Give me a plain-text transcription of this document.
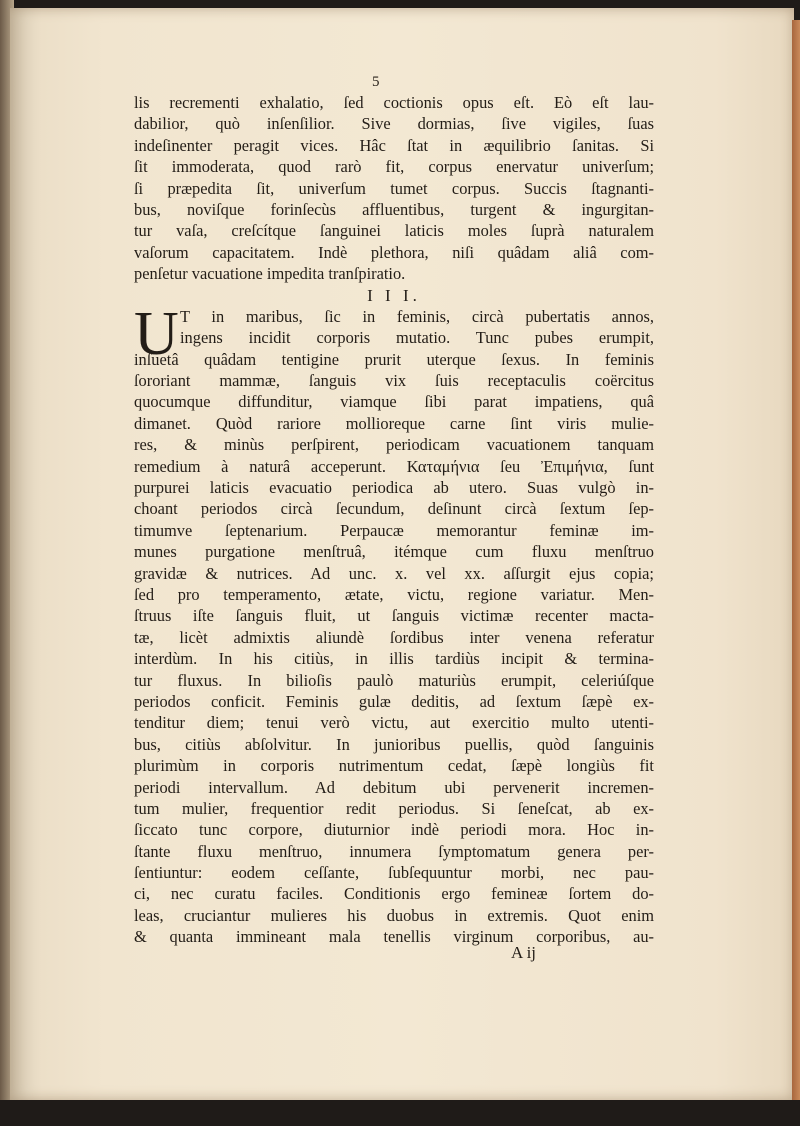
5
lis recrementi exhalatio, ſed coctionis opus eſt. Eò eſt lau-
dabilior, quò inſenſilior. Sive dormias, ſive vigiles, ſuas
indeſinenter peragit vices. Hâc ſtat in æquilibrio ſanitas. Si
ſit immoderata, quod rarò fit, corpus enervatur univerſum;
ſi præpedita ſit, univerſum tumet corpus. Succis ſtagnanti-
bus, noviſque forinſecùs affluentibus, turgent & ingurgitan-
tur vaſa, creſcítque ſanguinei laticis moles ſuprà naturalem
vaſorum capacitatem. Indè plethora, niſi quâdam aliâ com-
penſetur vacuatione impedita tranſpiratio.
I I I.
U T in maribus, ſic in feminis, circà pubertatis annos,
ingens incidit corporis mutatio. Tunc pubes erumpit,
inſuetâ quâdam tentigine prurit uterque ſexus. In feminis
ſororiant mammæ, ſanguis vix ſuis receptaculis coërcitus
quocumque diffunditur, viamque ſibi parat impatiens, quâ
dimanet. Quòd rariore mollioreque carne ſint viris mulie-
res, & minùs perſpirent, periodicam vacuationem tanquam
remedium à naturâ acceperunt. Καταμήνια ſeu Ἐπιμήνια, ſunt
purpurei laticis evacuatio periodica ab utero. Suas vulgò in-
choant periodos circà ſecundum, deſinunt circà ſextum ſep-
timumve ſeptenarium. Perpaucæ memorantur feminæ im-
munes purgatione menſtruâ, itémque cum fluxu menſtruo
gravidæ & nutrices. Ad unc. x. vel xx. aſſurgit ejus copia;
ſed pro temperamento, ætate, victu, regione variatur. Men-
ſtruus iſte ſanguis fluit, ut ſanguis victimæ recenter macta-
tæ, licèt admixtis aliundè ſordibus inter venena referatur
interdùm. In his citiùs, in illis tardiùs incipit & termina-
tur fluxus. In bilioſis paulò maturiùs erumpit, celeriúſque
periodos conficit. Feminis gulæ deditis, ad ſextum ſæpè ex-
tenditur diem; tenui verò victu, aut exercitio multo utenti-
bus, citiùs abſolvitur. In junioribus puellis, quòd ſanguinis
plurimùm in corporis nutrimentum cedat, ſæpè longiùs fit
periodi intervallum. Ad debitum ubi pervenerit incremen-
tum mulier, frequentior redit periodus. Si ſeneſcat, ab ex-
ſiccato tunc corpore, diuturnior indè periodi mora. Hoc in-
ſtante fluxu menſtruo, innumera ſymptomatum genera per-
ſentiuntur: eodem ceſſante, ſubſequuntur morbi, nec pau-
ci, nec curatu faciles. Conditionis ergo femineæ ſortem do-
leas, cruciantur mulieres his duobus in extremis. Quot enim
& quanta immineant mala tenellis virginum corporibus, au-
A ij
